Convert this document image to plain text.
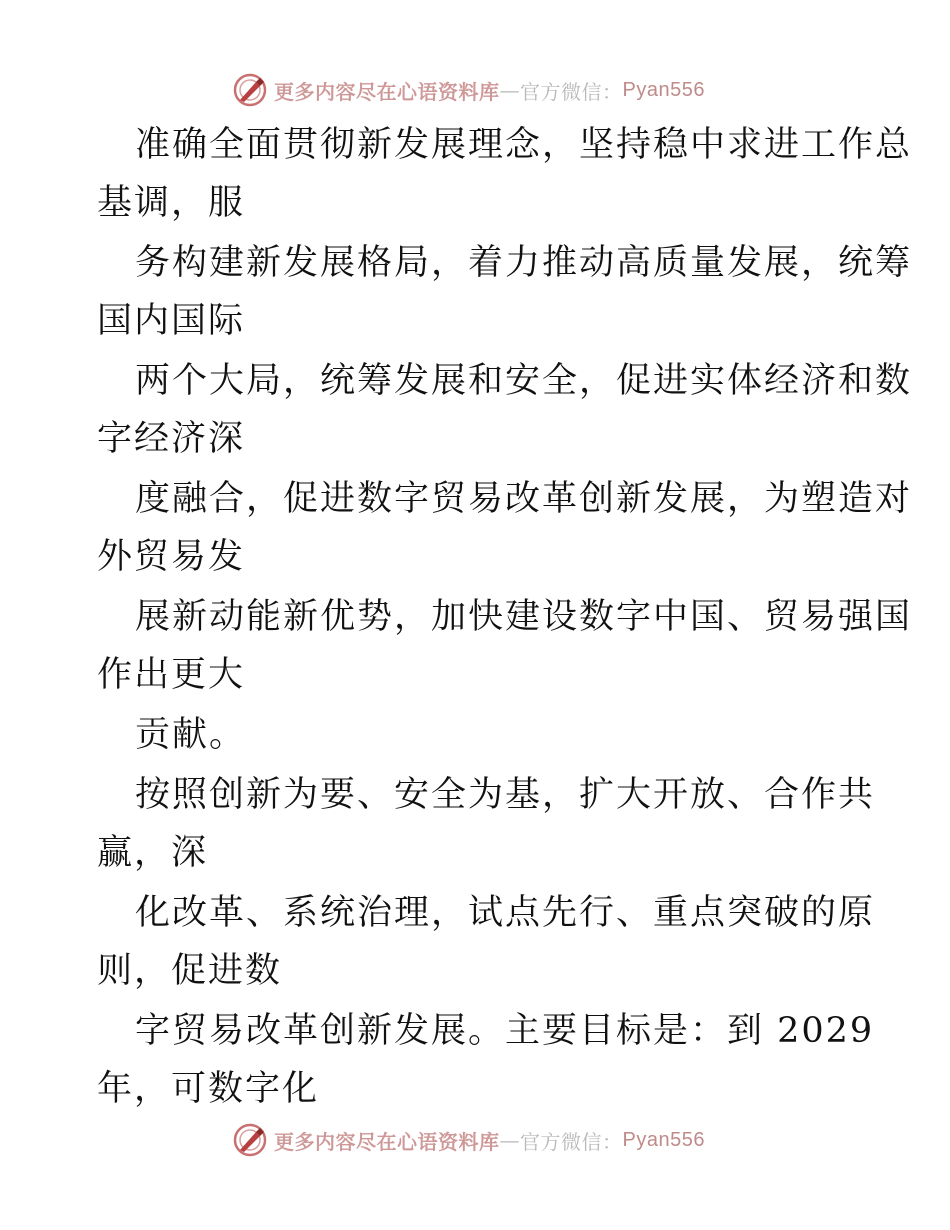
更多内容尽在心语资料库 — 官方微信： Pyan556
准确全面贯彻新发展理念，坚持稳中求进工作总
基调，服
务构建新发展格局，着力推动高质量发展，统筹
国内国际
两个大局，统筹发展和安全，促进实体经济和数
字经济深
度融合，促进数字贸易改革创新发展，为塑造对
外贸易发
展新动能新优势，加快建设数字中国、贸易强国
作出更大
贡献。
按照创新为要、安全为基，扩大开放、合作共
赢，深
化改革、系统治理，试点先行、重点突破的原
则，促进数
字贸易改革创新发展。主要目标是：到 2029
年，可数字化
更多内容尽在心语资料库 — 官方微信： Pyan556
